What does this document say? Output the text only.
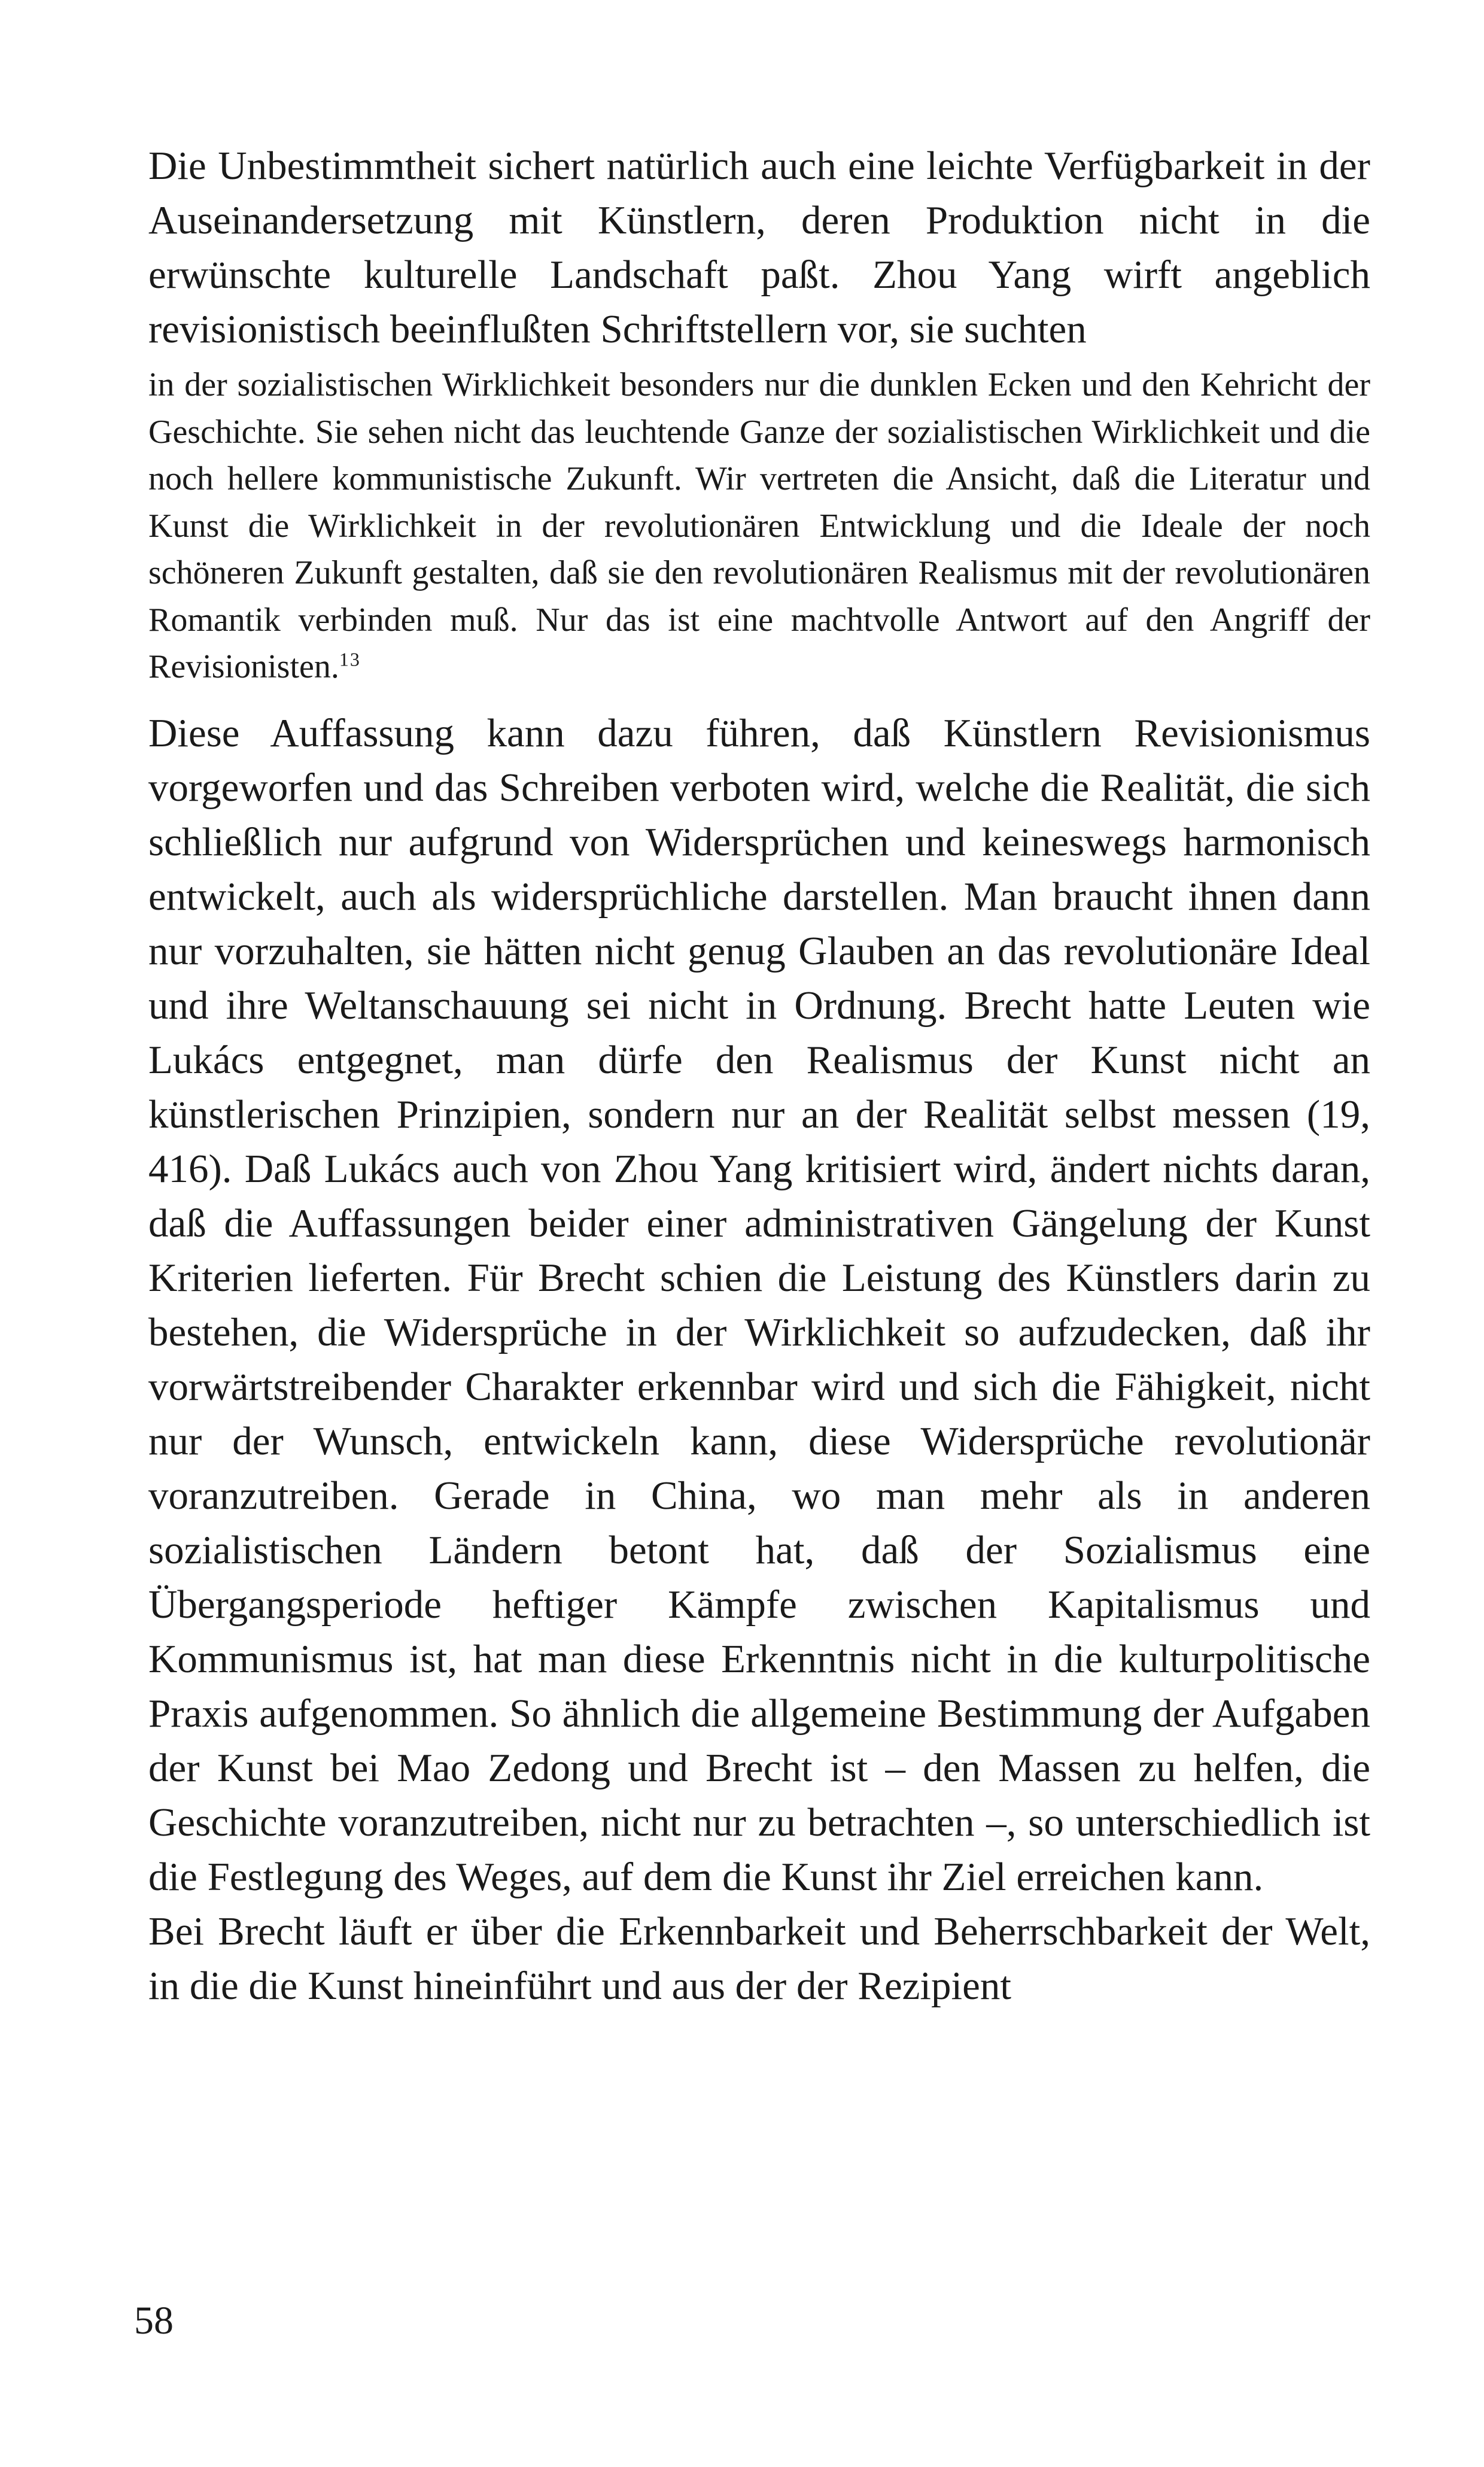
Die Unbestimmtheit sichert natürlich auch eine leichte Verfügbarkeit in der Auseinandersetzung mit Künstlern, deren Produktion nicht in die erwünschte kulturelle Landschaft paßt. Zhou Yang wirft angeblich revisionistisch beeinflußten Schriftstellern vor, sie suchten

in der sozialistischen Wirklichkeit besonders nur die dunklen Ecken und den Kehricht der Geschichte. Sie sehen nicht das leuchtende Ganze der sozialistischen Wirklichkeit und die noch hellere kommunistische Zukunft. Wir vertreten die Ansicht, daß die Literatur und Kunst die Wirklichkeit in der revolutionären Entwicklung und die Ideale der noch schöneren Zukunft gestalten, daß sie den revolutionären Realismus mit der revolutionären Romantik verbinden muß. Nur das ist eine machtvolle Antwort auf den Angriff der Revisionisten.$^{13}$

Diese Auffassung kann dazu führen, daß Künstlern Revisionismus vorgeworfen und das Schreiben verboten wird, welche die Realität, die sich schließlich nur aufgrund von Widersprüchen und keineswegs harmonisch entwickelt, auch als widersprüchliche darstellen. Man braucht ihnen dann nur vorzuhalten, sie hätten nicht genug Glauben an das revolutionäre Ideal und ihre Weltanschauung sei nicht in Ordnung. Brecht hatte Leuten wie Lukács entgegnet, man dürfe den Realismus der Kunst nicht an künstlerischen Prinzipien, sondern nur an der Realität selbst messen (19, 416). Daß Lukács auch von Zhou Yang kritisiert wird, ändert nichts daran, daß die Auffassungen beider einer administrativen Gängelung der Kunst Kriterien lieferten. Für Brecht schien die Leistung des Künstlers darin zu bestehen, die Widersprüche in der Wirklichkeit so aufzudecken, daß ihr vorwärtstreibender Charakter erkennbar wird und sich die Fähigkeit, nicht nur der Wunsch, entwickeln kann, diese Widersprüche revolutionär voranzutreiben. Gerade in China, wo man mehr als in anderen sozialistischen Ländern betont hat, daß der Sozialismus eine Übergangsperiode heftiger Kämpfe zwischen Kapitalismus und Kommunismus ist, hat man diese Erkenntnis nicht in die kulturpolitische Praxis aufgenommen. So ähnlich die allgemeine Bestimmung der Aufgaben der Kunst bei Mao Zedong und Brecht ist – den Massen zu helfen, die Geschichte voranzutreiben, nicht nur zu betrachten –, so unterschiedlich ist die Festlegung des Weges, auf dem die Kunst ihr Ziel erreichen kann.

Bei Brecht läuft er über die Erkennbarkeit und Beherrschbarkeit der Welt, in die die Kunst hineinführt und aus der der Rezipient

58
